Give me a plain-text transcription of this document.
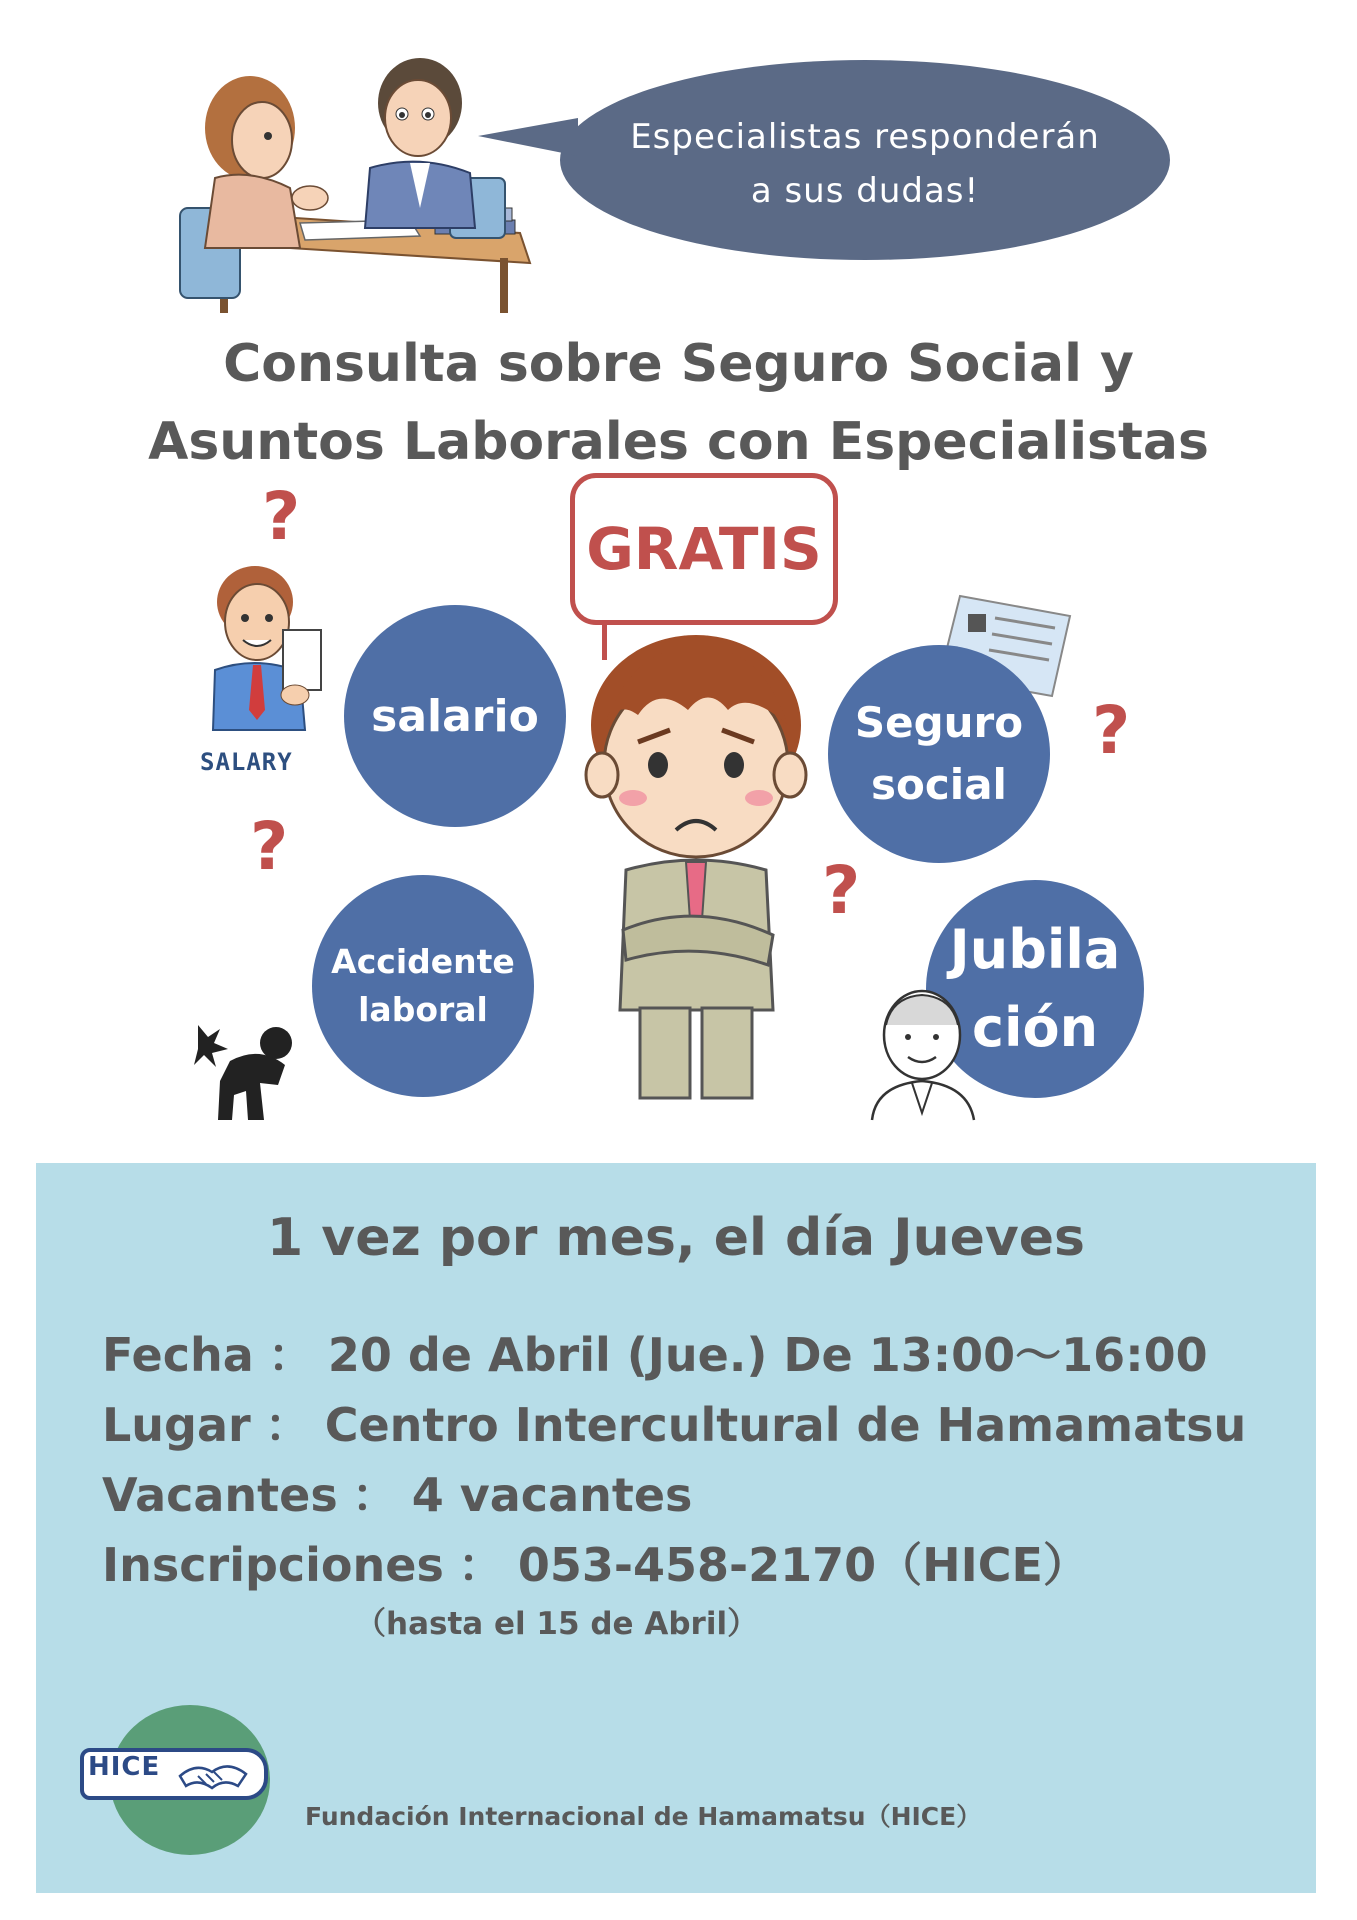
Especialistas responderán
a sus dudas!
Consulta sobre Seguro Social y
Asuntos Laborales con Especialistas
GRATIS
?
?
?
?
SALARY
salario	Seguro
social
Accidente
laboral
Jubila
ción
1 vez por mes, el día Jueves
Fecha ： 20 de Abril (Jue.) De 13:00～16:00
Lugar ： Centro Intercultural de Hamamatsu
Vacantes ： 4 vacantes
Inscripciones ： 053-458-2170（HICE）
（hasta el 15 de Abril）
HICE
Fundación Internacional de Hamamatsu（HICE）
